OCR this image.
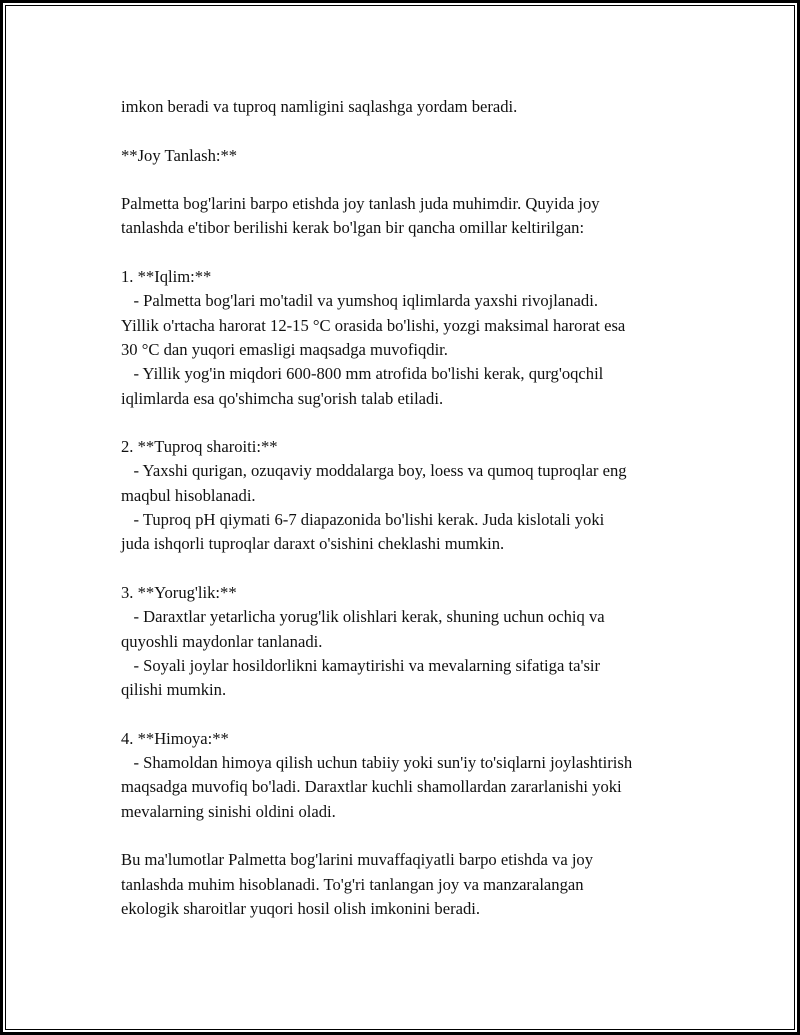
imkon beradi va tuproq namligini saqlashga yordam beradi.
**Joy Tanlash:**
Palmetta bog'larini barpo etishda joy tanlash juda muhimdir. Quyida joy
tanlashda e'tibor berilishi kerak bo'lgan bir qancha omillar keltirilgan:
1. **Iqlim:**
- Palmetta bog'lari mo'tadil va yumshoq iqlimlarda yaxshi rivojlanadi.
Yillik o'rtacha harorat 12-15 °C orasida bo'lishi, yozgi maksimal harorat esa
30 °C dan yuqori emasligi maqsadga muvofiqdir.
- Yillik yog'in miqdori 600-800 mm atrofida bo'lishi kerak, qurg'oqchil
iqlimlarda esa qo'shimcha sug'orish talab etiladi.
2. **Tuproq sharoiti:**
- Yaxshi qurigan, ozuqaviy moddalarga boy, loess va qumoq tuproqlar eng
maqbul hisoblanadi.
- Tuproq pH qiymati 6-7 diapazonida bo'lishi kerak. Juda kislotali yoki
juda ishqorli tuproqlar daraxt o'sishini cheklashi mumkin.
3. **Yorug'lik:**
- Daraxtlar yetarlicha yorug'lik olishlari kerak, shuning uchun ochiq va
quyoshli maydonlar tanlanadi.
- Soyali joylar hosildorlikni kamaytirishi va mevalarning sifatiga ta'sir
qilishi mumkin.
4. **Himoya:**
- Shamoldan himoya qilish uchun tabiiy yoki sun'iy to'siqlarni joylashtirish
maqsadga muvofiq bo'ladi. Daraxtlar kuchli shamollardan zararlanishi yoki
mevalarning sinishi oldini oladi.
Bu ma'lumotlar Palmetta bog'larini muvaffaqiyatli barpo etishda va joy
tanlashda muhim hisoblanadi. To'g'ri tanlangan joy va manzaralangan
ekologik sharoitlar yuqori hosil olish imkonini beradi.
